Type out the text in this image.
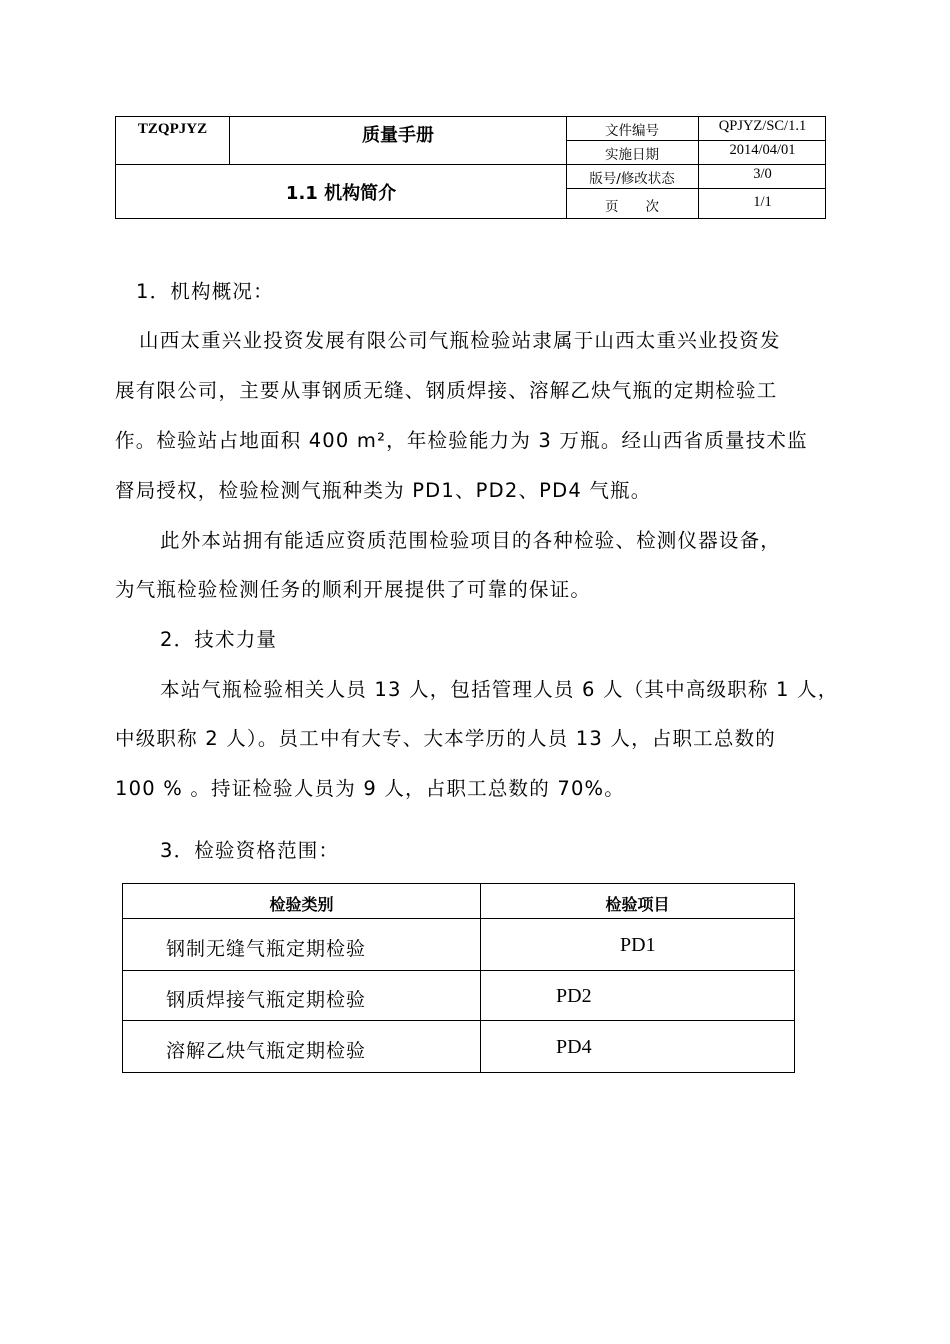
TZQPJYZ	质量手册
1.1 机构简介
文件编号	QPJYZ/SC/1.1
实施日期	2014/04/01
版号/修改状态	3/0
页　　次	1/1
1．机构概况：
山西太重兴业投资发展有限公司气瓶检验站隶属于山西太重兴业投资发
展有限公司，主要从事钢质无缝、钢质焊接、溶解乙炔气瓶的定期检验工
作。检验站占地面积 400 m²，年检验能力为 3 万瓶。经山西省质量技术监
督局授权，检验检测气瓶种类为 PD1、PD2、PD4 气瓶。
此外本站拥有能适应资质范围检验项目的各种检验、检测仪器设备，
为气瓶检验检测任务的顺利开展提供了可靠的保证。
2．技术力量
本站气瓶检验相关人员 13 人，包括管理人员 6 人（其中高级职称 1 人，
中级职称 2 人）。员工中有大专、大本学历的人员 13 人，占职工总数的
100 % 。持证检验人员为 9 人，占职工总数的 70%。
3．检验资格范围：
检验类别	检验项目
钢制无缝气瓶定期检验	PD1
钢质焊接气瓶定期检验	PD2
溶解乙炔气瓶定期检验	PD4
